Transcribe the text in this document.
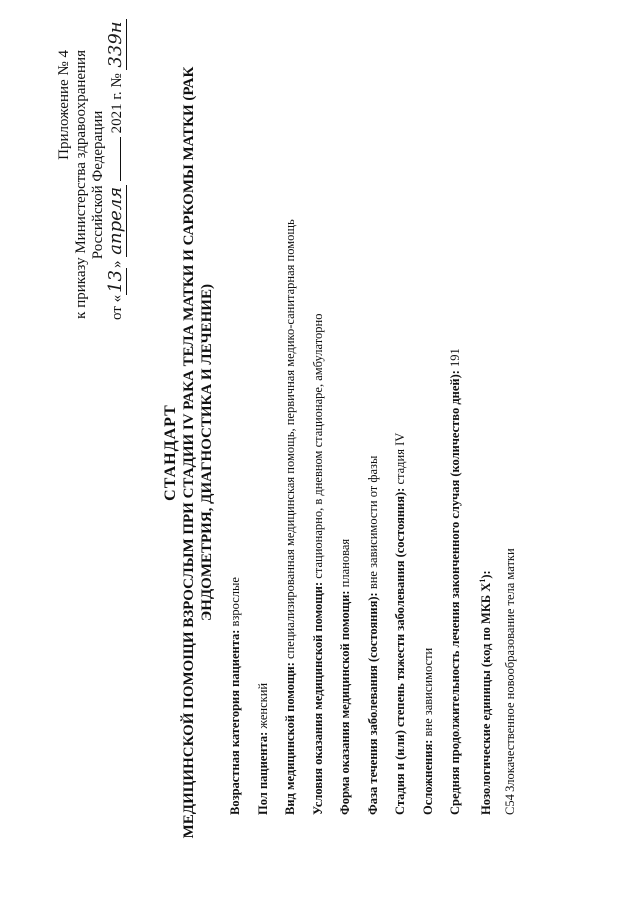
Приложение № 4 к приказу Министерства здравоохранения Российской Федерации
от «13» апреля  2021 г. № 339н
СТАНДАРТ МЕДИЦИНСКОЙ ПОМОЩИ ВЗРОСЛЫМ ПРИ СТАДИИ IV РАКА ТЕЛА МАТКИ И САРКОМЫ МАТКИ (РАК ЭНДОМЕТРИЯ, ДИАГНОСТИКА И ЛЕЧЕНИЕ)
Возрастная категория пациента: взрослые
Пол пациента: женский	Вид медицинской помощи: специализированная медицинская помощь, первичная медико-санитарная помощь
Условия оказания медицинской помощи: стационарно, в дневном стационаре, амбулаторно
Форма оказания медицинской помощи: плановая
Фаза течения заболевания (состояния): вне зависимости от фазы	Стадия и (или) степень тяжести заболевания (состояния): стадия IV
Осложнения: вне зависимости	Средняя продолжительность лечения законченного случая (количество дней): 191
Нозологические единицы (код по МКБ $X^1$):
C54 Злокачественное новообразование тела матки
